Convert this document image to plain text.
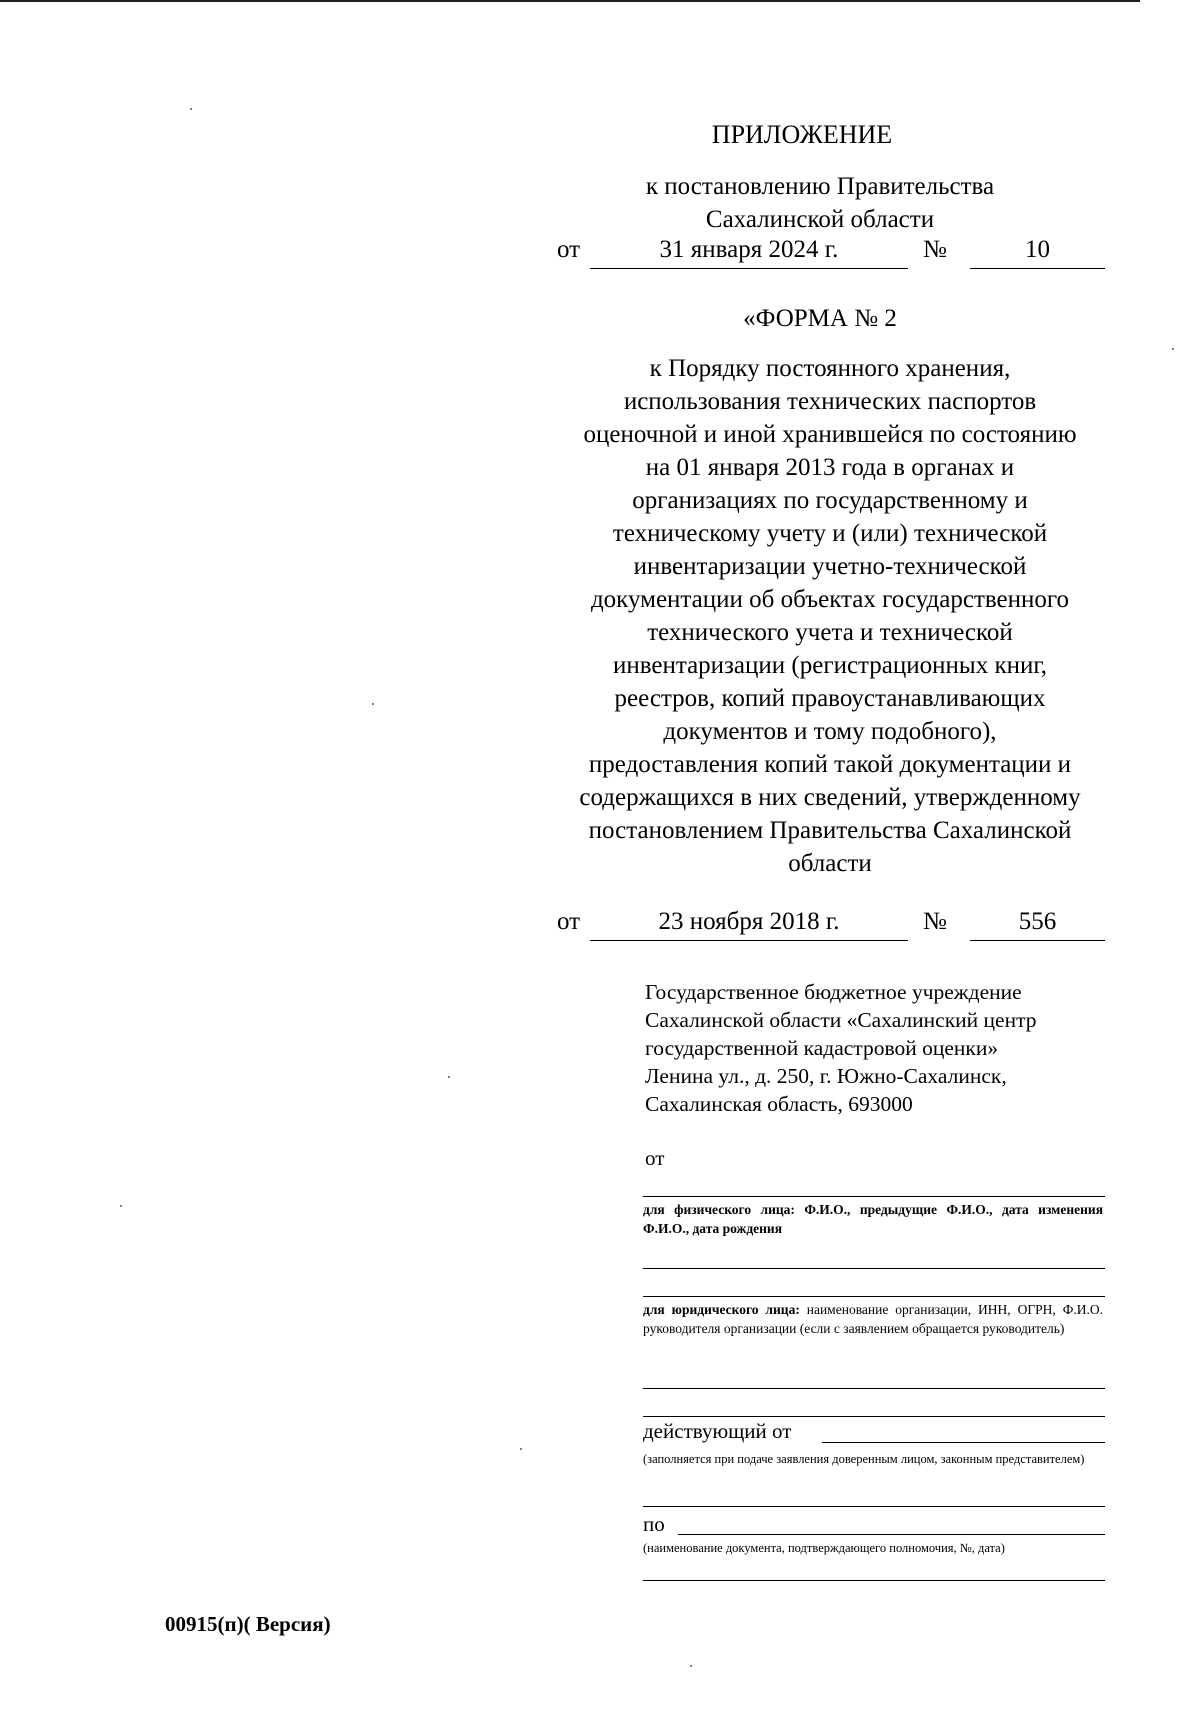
ПРИЛОЖЕНИЕ
к постановлению Правительства
Сахалинской области
от	31 января 2024 г.	№	10
«ФОРМА № 2
к Порядку постоянного хранения,
использования технических паспортов
оценочной и иной хранившейся по состоянию
на 01 января 2013 года в органах и
организациях по государственному и
техническому учету и (или) технической
инвентаризации учетно-технической
документации об объектах государственного
технического учета и технической
инвентаризации (регистрационных книг,
реестров, копий правоустанавливающих
документов и тому подобного),
предоставления копий такой документации и
содержащихся в них сведений, утвержденному
постановлением Правительства Сахалинской
области
от	23 ноября 2018 г.	№	556
Государственное бюджетное учреждение
Сахалинской области «Сахалинский центр
государственной кадастровой оценки»
Ленина ул., д. 250, г. Южно-Сахалинск,
Сахалинская область, 693000
от
для физического лица: Ф.И.О., предыдущие Ф.И.О., дата изменения Ф.И.О., дата рождения
для юридического лица: наименование организации, ИНН, ОГРН, Ф.И.О. руководителя организации (если с заявлением обращается руководитель)
действующий от
(заполняется при подаче заявления доверенным лицом, законным представителем)
по
(наименование документа, подтверждающего полномочия, №, дата)
00915(п)( Версия)
